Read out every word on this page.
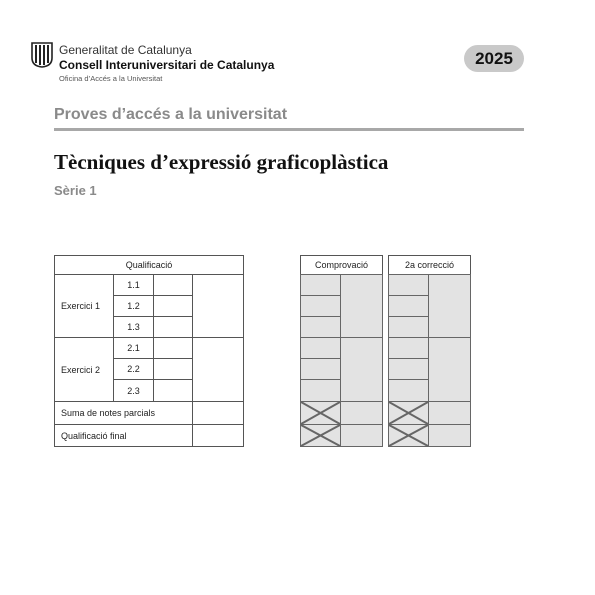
Generalitat de Catalunya
Consell Interuniversitari de Catalunya
Oficina d’Accés a la Universitat
2025
Proves d’accés a la universitat
Tècniques d’expressió graficoplàstica
Sèrie 1
Qualificació
Exercici 1
1.1
1.2
1.3
Exercici 2
2.1
2.2
2.3
Suma de notes parcials
Qualificació final
Comprovació	2a correcció
